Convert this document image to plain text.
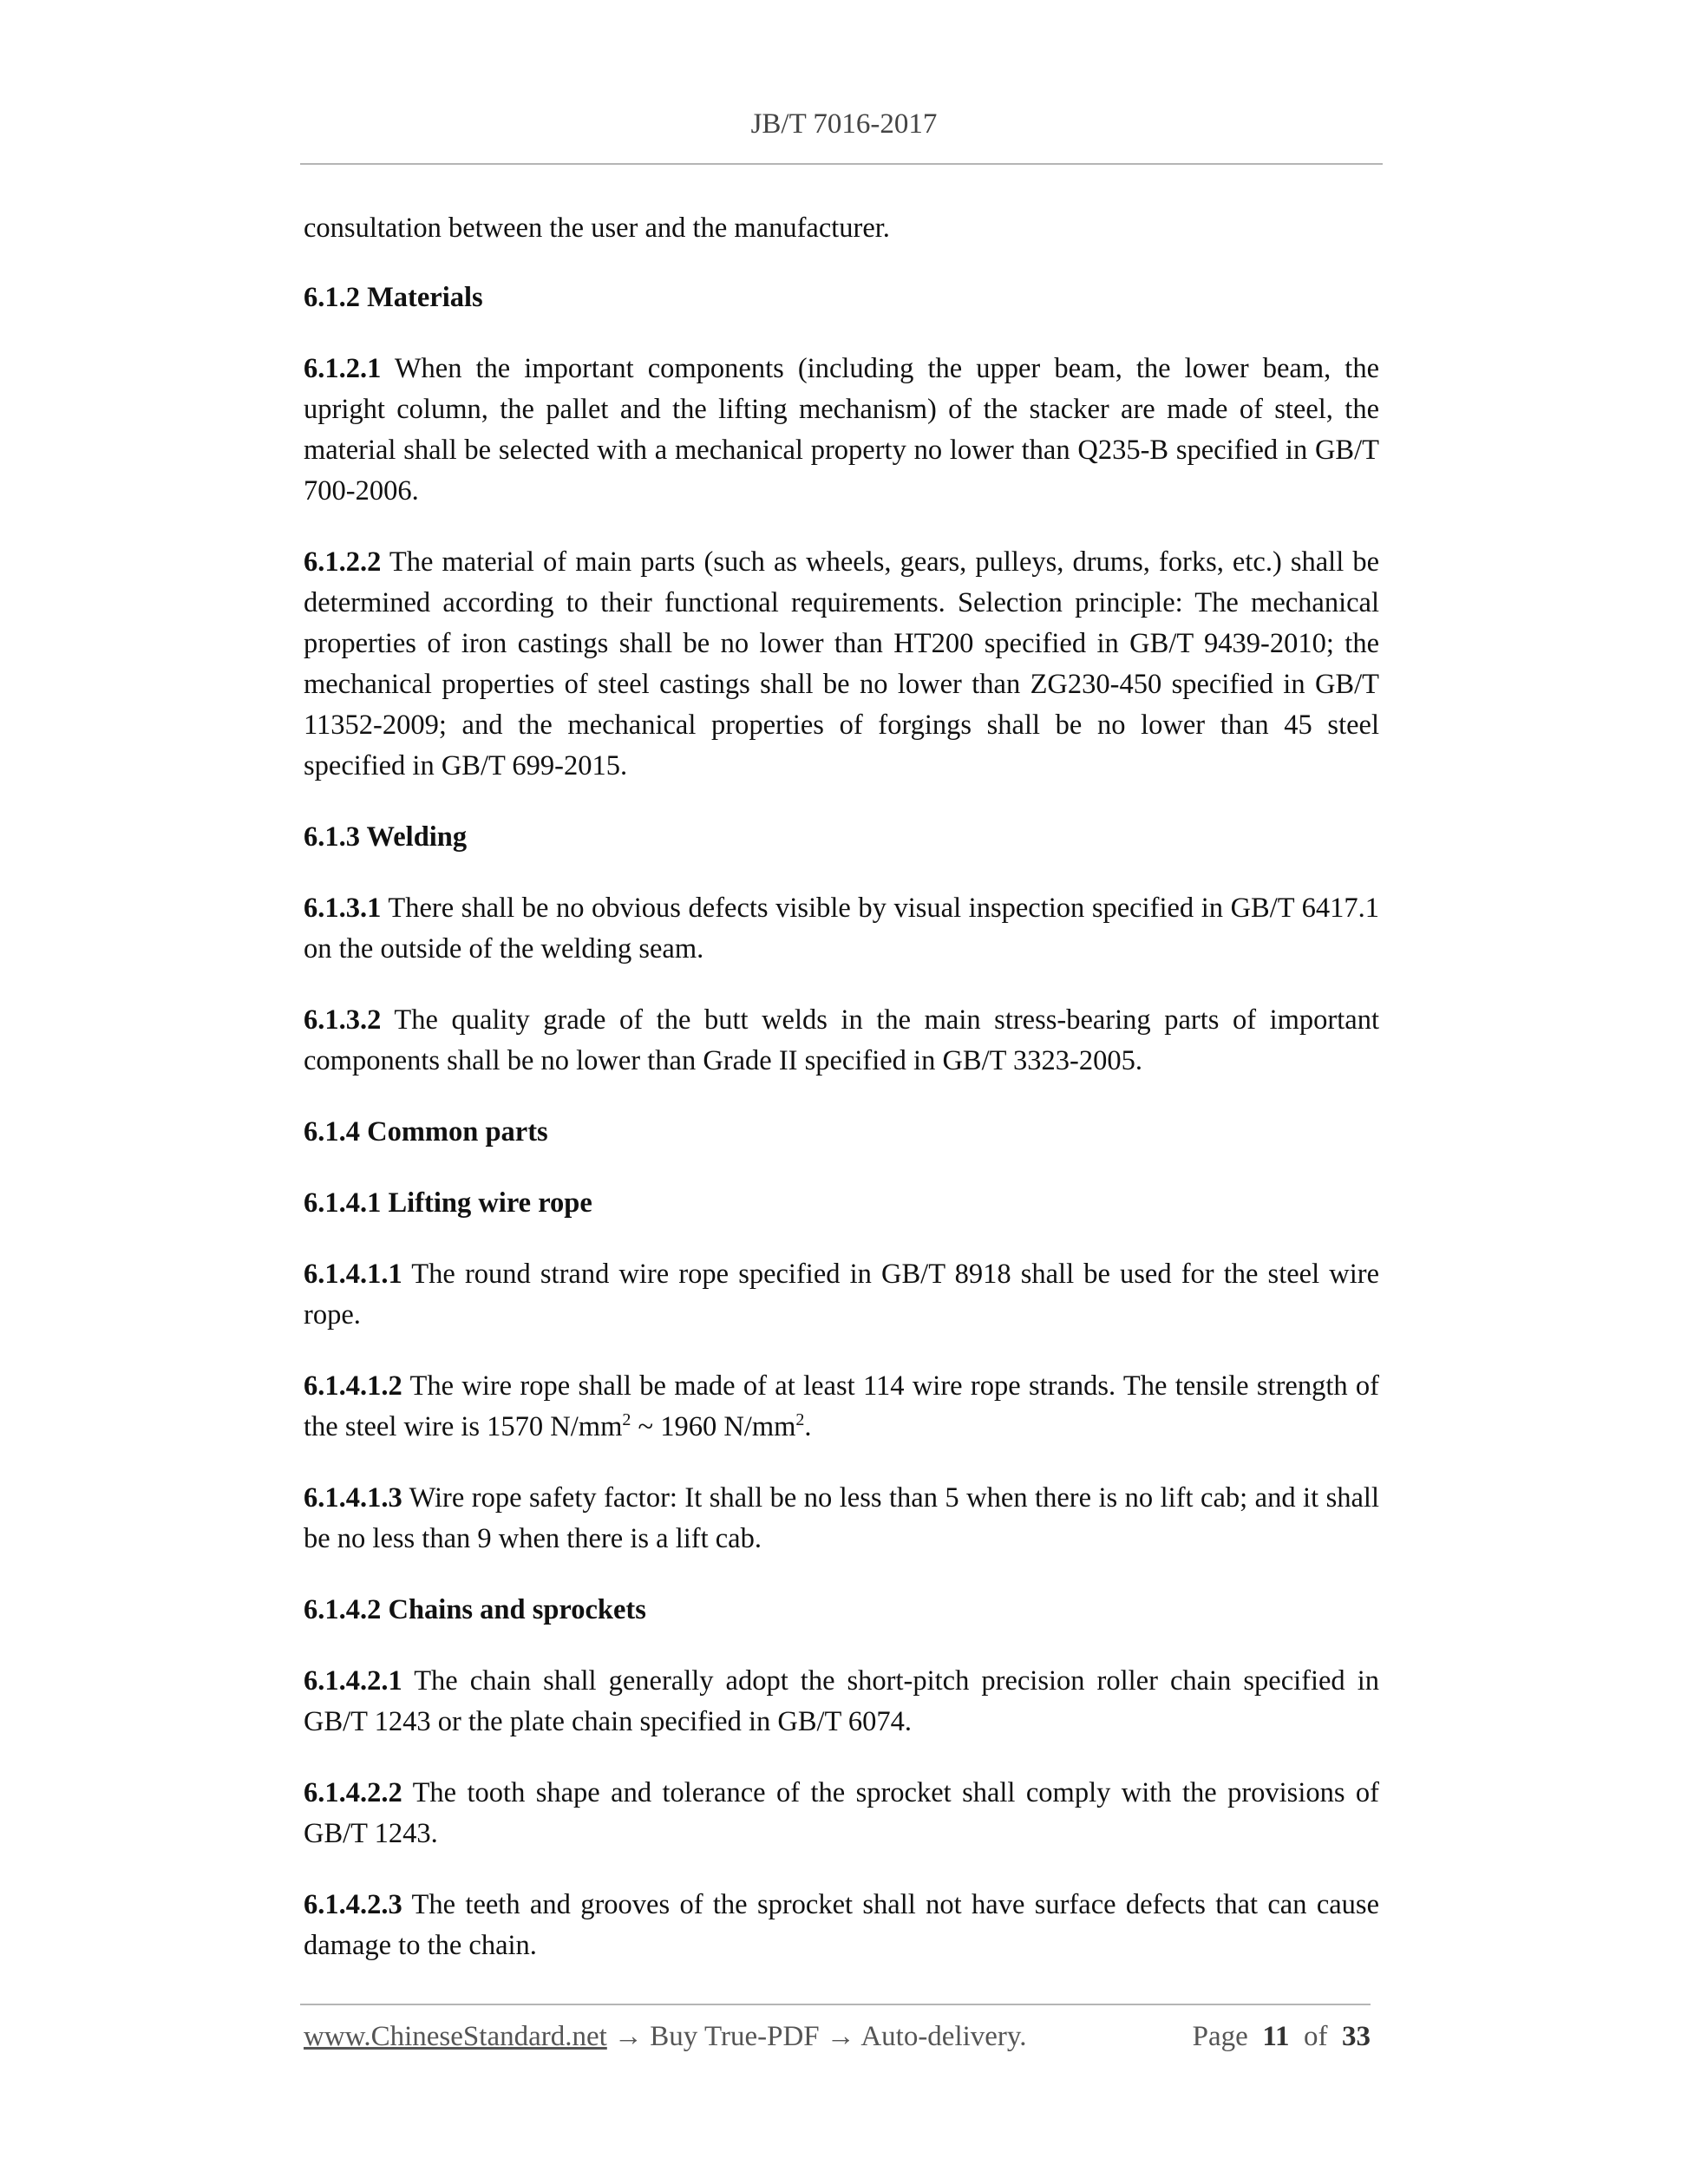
JB/T 7016-2017
consultation between the user and the manufacturer.
6.1.2 Materials
6.1.2.1 When the important components (including the upper beam, the lower beam, the upright column, the pallet and the lifting mechanism) of the stacker are made of steel, the material shall be selected with a mechanical property no lower than Q235-B specified in GB/T 700-2006.
6.1.2.2 The material of main parts (such as wheels, gears, pulleys, drums, forks, etc.) shall be determined according to their functional requirements. Selection principle: The mechanical properties of iron castings shall be no lower than HT200 specified in GB/T 9439-2010; the mechanical properties of steel castings shall be no lower than ZG230-450 specified in GB/T 11352-2009; and the mechanical properties of forgings shall be no lower than 45 steel specified in GB/T 699-2015.
6.1.3 Welding
6.1.3.1 There shall be no obvious defects visible by visual inspection specified in GB/T 6417.1 on the outside of the welding seam.
6.1.3.2 The quality grade of the butt welds in the main stress-bearing parts of important components shall be no lower than Grade II specified in GB/T 3323-2005.
6.1.4 Common parts
6.1.4.1 Lifting wire rope
6.1.4.1.1 The round strand wire rope specified in GB/T 8918 shall be used for the steel wire rope.
6.1.4.1.2 The wire rope shall be made of at least 114 wire rope strands. The tensile strength of the steel wire is 1570 $N/mm^2$ ~ 1960 $N/mm^2$.
6.1.4.1.3 Wire rope safety factor: It shall be no less than 5 when there is no lift cab; and it shall be no less than 9 when there is a lift cab.
6.1.4.2 Chains and sprockets
6.1.4.2.1 The chain shall generally adopt the short-pitch precision roller chain specified in GB/T 1243 or the plate chain specified in GB/T 6074.
6.1.4.2.2 The tooth shape and tolerance of the sprocket shall comply with the provisions of GB/T 1243.
6.1.4.2.3 The teeth and grooves of the sprocket shall not have surface defects that can cause damage to the chain.
www.ChineseStandard.net → Buy True-PDF → Auto-delivery.	Page 11 of 33
